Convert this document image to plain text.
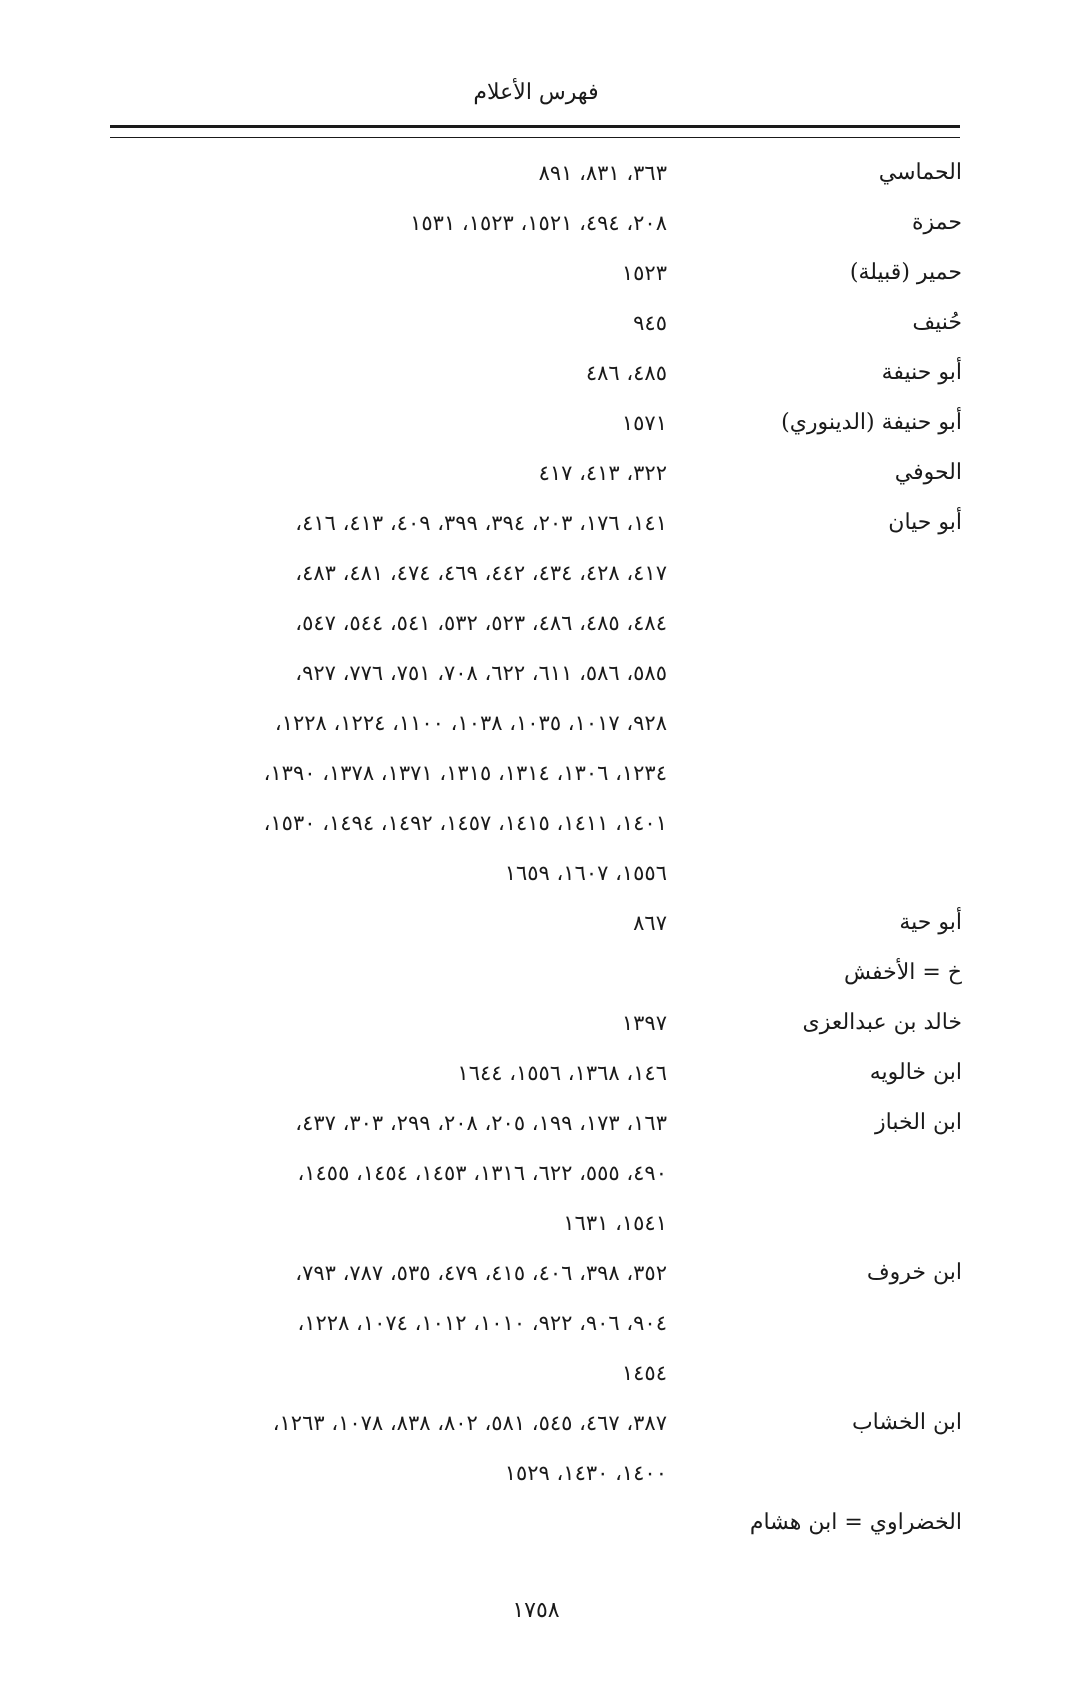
فهرس الأعلام
الحماسي
٣٦٣، ٨٣١، ٨٩١
حمزة
٢٠٨، ٤٩٤، ١٥٢١، ١٥٢٣، ١٥٣١
حمير (قبيلة)
١٥٢٣
حُنيف
٩٤٥
أبو حنيفة
٤٨٥، ٤٨٦
أبو حنيفة (الدينوري)
١٥٧١
الحوفي
٣٢٢، ٤١٣، ٤١٧
أبو حيان
١٤١، ١٧٦، ٢٠٣، ٣٩٤، ٣٩٩، ٤٠٩، ٤١٣، ٤١٦،
٤١٧، ٤٢٨، ٤٣٤، ٤٤٢، ٤٦٩، ٤٧٤، ٤٨١، ٤٨٣،
٤٨٤، ٤٨٥، ٤٨٦، ٥٢٣، ٥٣٢، ٥٤١، ٥٤٤، ٥٤٧،
٥٨٥، ٥٨٦، ٦١١، ٦٢٢، ٧٠٨، ٧٥١، ٧٧٦، ٩٢٧،
٩٢٨، ١٠١٧، ١٠٣٥، ١٠٣٨، ١١٠٠، ١٢٢٤، ١٢٢٨،
١٢٣٤، ١٣٠٦، ١٣١٤، ١٣١٥، ١٣٧١، ١٣٧٨، ١٣٩٠،
١٤٠١، ١٤١١، ١٤١٥، ١٤٥٧، ١٤٩٢، ١٤٩٤، ١٥٣٠،
١٥٥٦، ١٦٠٧، ١٦٥٩
أبو حية
٨٦٧
خ = الأخفش
خالد بن عبدالعزى
١٣٩٧
ابن خالويه
١٤٦، ١٣٦٨، ١٥٥٦، ١٦٤٤
ابن الخباز
١٦٣، ١٧٣، ١٩٩، ٢٠٥، ٢٠٨، ٢٩٩، ٣٠٣، ٤٣٧،
٤٩٠، ٥٥٥، ٦٢٢، ١٣١٦، ١٤٥٣، ١٤٥٤، ١٤٥٥،
١٥٤١، ١٦٣١
ابن خروف
٣٥٢، ٣٩٨، ٤٠٦، ٤١٥، ٤٧٩، ٥٣٥، ٧٨٧، ٧٩٣،
٩٠٤، ٩٠٦، ٩٢٢، ١٠١٠، ١٠١٢، ١٠٧٤، ١٢٢٨،
١٤٥٤
ابن الخشاب
٣٨٧، ٤٦٧، ٥٤٥، ٥٨١، ٨٠٢، ٨٣٨، ١٠٧٨، ١٢٦٣،
١٤٠٠، ١٤٣٠، ١٥٢٩
الخضراوي = ابن هشام
١٧٥٨
